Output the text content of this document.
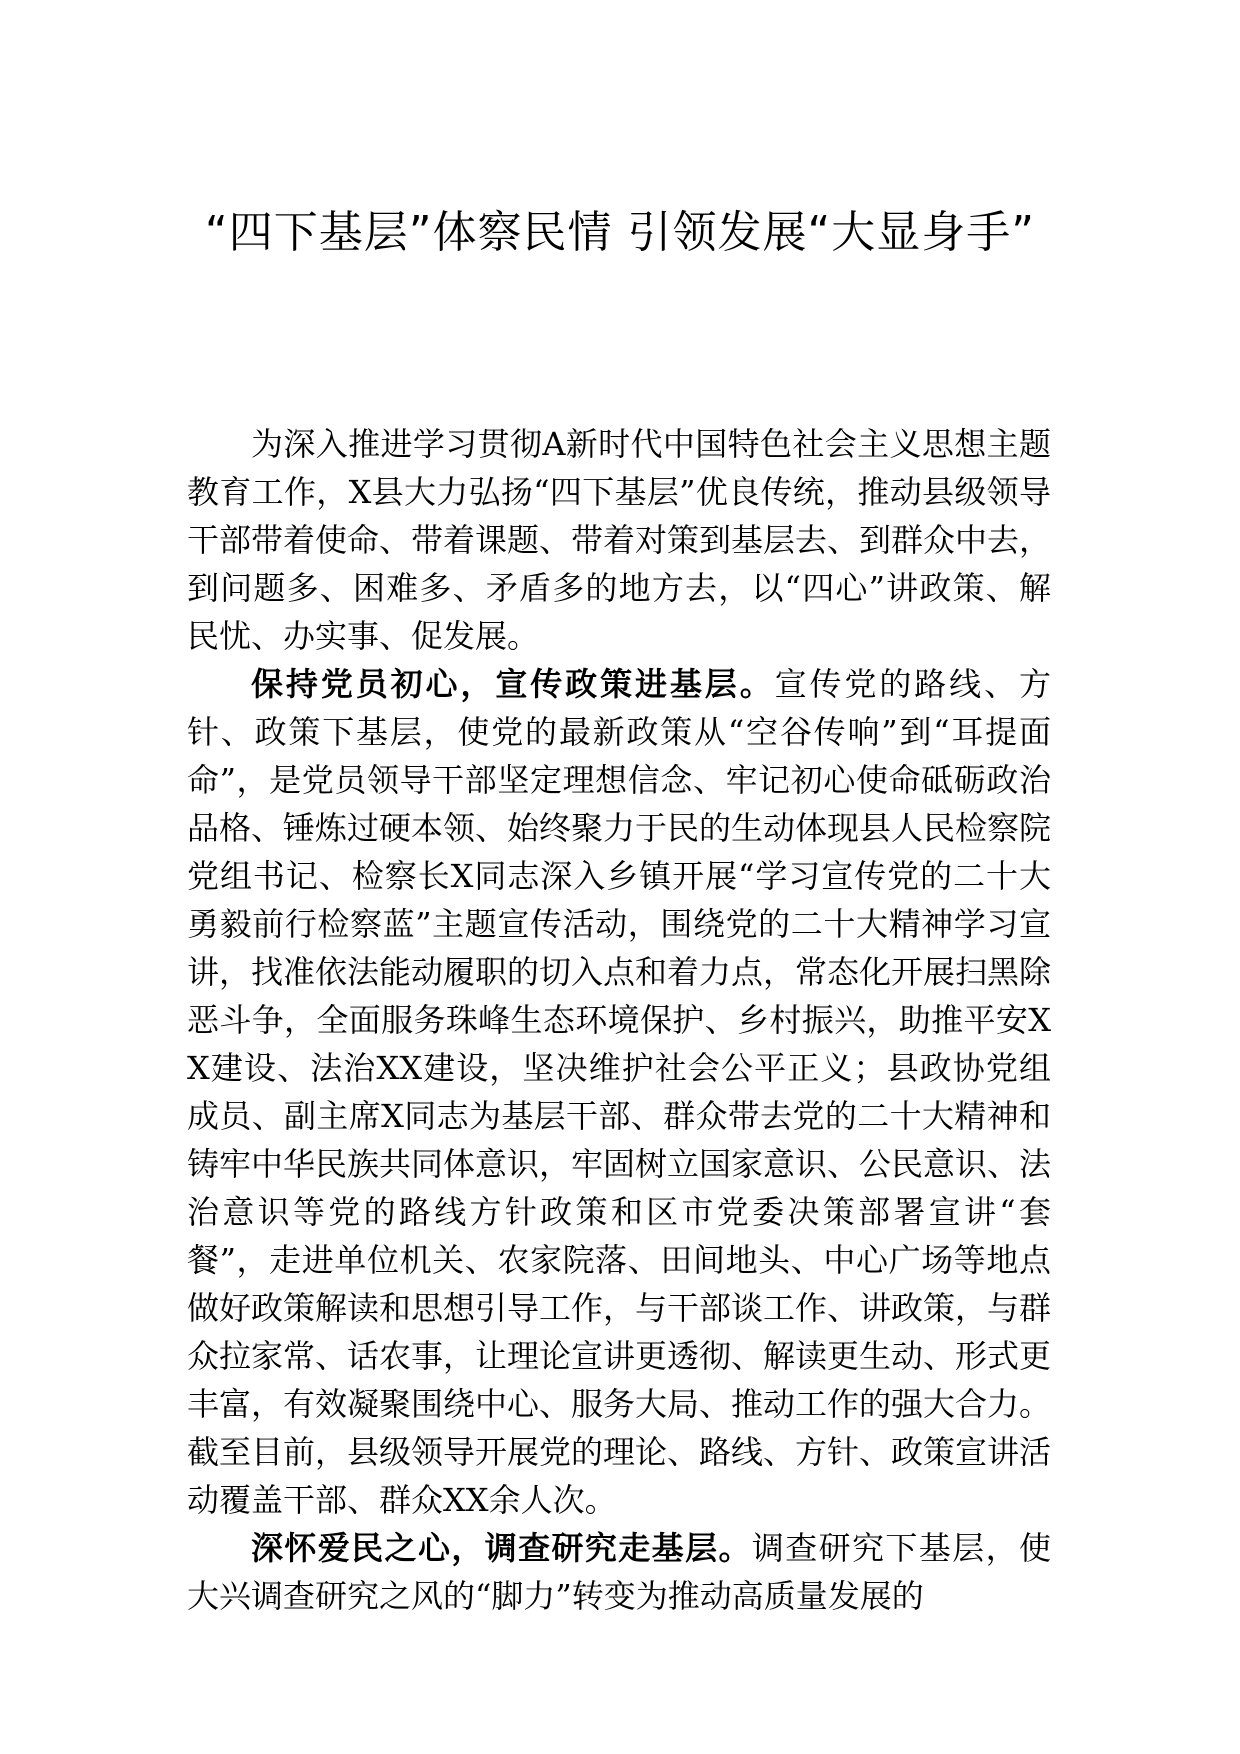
“四下基层”体察民情 引领发展“大显身手”

为深入推进学习贯彻A新时代中国特色社会主义思想主题教育工作，X县大力弘扬“四下基层”优良传统，推动县级领导干部带着使命、带着课题、带着对策到基层去、到群众中去，到问题多、困难多、矛盾多的地方去，以“四心”讲政策、解民忧、办实事、促发展。

保持党员初心，宣传政策进基层。宣传党的路线、方针、政策下基层，使党的最新政策从“空谷传响”到“耳提面命”，是党员领导干部坚定理想信念、牢记初心使命砥砺政治品格、锤炼过硬本领、始终聚力于民的生动体现县人民检察院党组书记、检察长X同志深入乡镇开展“学习宣传党的二十大 勇毅前行检察蓝”主题宣传活动，围绕党的二十大精神学习宣讲，找准依法能动履职的切入点和着力点，常态化开展扫黑除恶斗争，全面服务珠峰生态环境保护、乡村振兴，助推平安XX建设、法治XX建设，坚决维护社会公平正义；县政协党组成员、副主席X同志为基层干部、群众带去党的二十大精神和铸牢中华民族共同体意识，牢固树立国家意识、公民意识、法治意识等党的路线方针政策和区市党委决策部署宣讲“套餐”，走进单位机关、农家院落、田间地头、中心广场等地点做好政策解读和思想引导工作，与干部谈工作、讲政策，与群众拉家常、话农事，让理论宣讲更透彻、解读更生动、形式更丰富，有效凝聚围绕中心、服务大局、推动工作的强大合力。截至目前，县级领导开展党的理论、路线、方针、政策宣讲活动覆盖干部、群众XX余人次。

深怀爱民之心，调查研究走基层。调查研究下基层，使大兴调查研究之风的“脚力”转变为推动高质量发展的
